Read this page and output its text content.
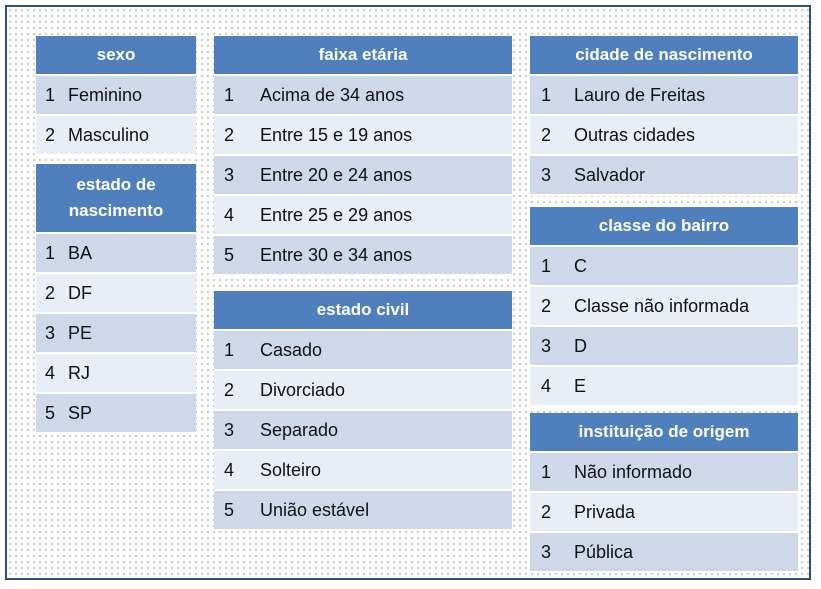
sexo
1 Feminino
2 Masculino
estado de nascimento
1 BA
2 DF
3 PE
4 RJ
5 SP
faixa etária
1	Acima de 34 anos
2	Entre 15 e 19 anos
3	Entre 20 e 24 anos
4	Entre 25 e 29 anos
5	Entre 30 e 34 anos
estado civil
1	Casado
2	Divorciado
3	Separado
4	Solteiro
5	União estável
cidade de nascimento
1	Lauro de Freitas
2	Outras cidades
3	Salvador
classe do bairro
1	C
2	Classe não informada
3	D
4	E
instituição de origem
1	Não informado
2	Privada
3	Pública
